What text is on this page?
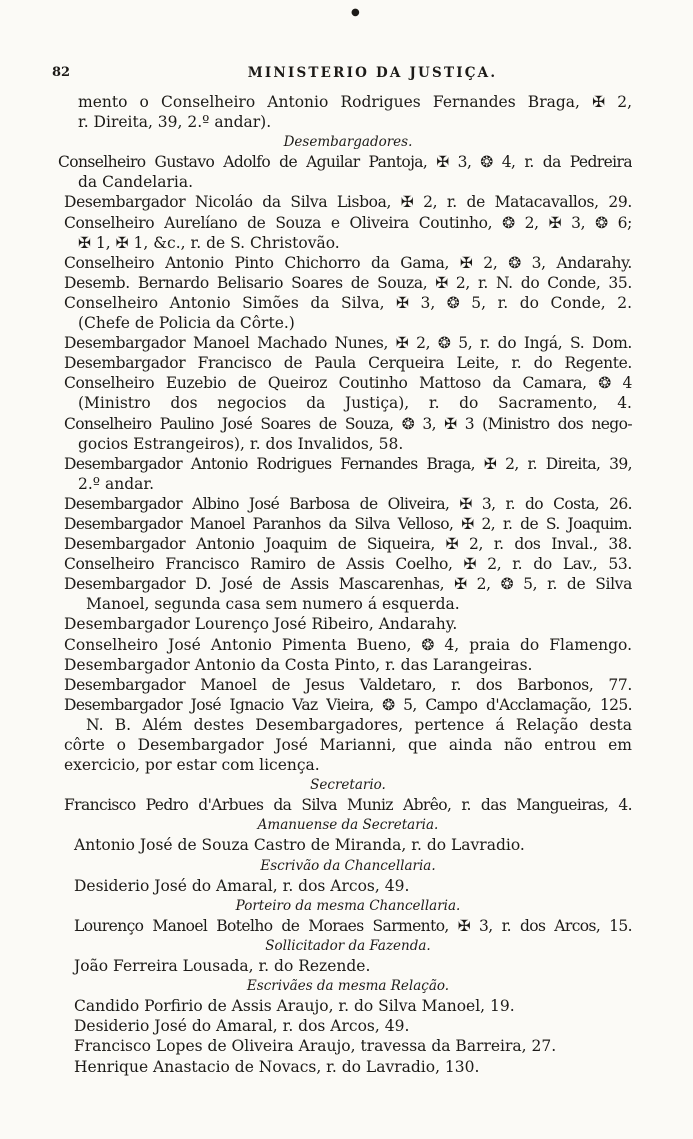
●
82	MINISTERIO DA JUSTIÇA.
mento o Conselheiro Antonio Rodrigues Fernandes Braga, ✠ 2,
r. Direita, 39, 2.º andar).
Desembargadores.
Conselheiro Gustavo Adolfo de Aguilar Pantoja, ✠ 3, ❂ 4, r. da Pedreira
da Candelaria.
Desembargador Nicoláo da Silva Lisboa, ✠ 2, r. de Matacavallos, 29.
Conselheiro Aurelíano de Souza e Oliveira Coutinho, ❂ 2, ✠ 3, ❂ 6;
✠ 1, ✠ 1, &c., r. de S. Christovão.
Conselheiro Antonio Pinto Chichorro da Gama, ✠ 2, ❂ 3, Andarahy.
Desemb. Bernardo Belisario Soares de Souza, ✠ 2, r. N. do Conde, 35.
Conselheiro Antonio Simões da Silva, ✠ 3, ❂ 5, r. do Conde, 2.
(Chefe de Policia da Côrte.)
Desembargador Manoel Machado Nunes, ✠ 2, ❂ 5, r. do Ingá, S. Dom.
Desembargador Francisco de Paula Cerqueira Leite, r. do Regente.
Conselheiro Euzebio de Queiroz Coutinho Mattoso da Camara, ❂ 4
(Ministro dos negocios da Justiça), r. do Sacramento, 4.
Conselheiro Paulino José Soares de Souza, ❂ 3, ✠ 3 (Ministro dos nego-
gocios Estrangeiros), r. dos Invalidos, 58.
Desembargador Antonio Rodrigues Fernandes Braga, ✠ 2, r. Direita, 39,
2.º andar.
Desembargador Albino José Barbosa de Oliveira, ✠ 3, r. do Costa, 26.
Desembargador Manoel Paranhos da Silva Velloso, ✠ 2, r. de S. Joaquim.
Desembargador Antonio Joaquim de Siqueira, ✠ 2, r. dos Inval., 38.
Conselheiro Francisco Ramiro de Assis Coelho, ✠ 2, r. do Lav., 53.
Desembargador D. José de Assis Mascarenhas, ✠ 2, ❂ 5, r. de Silva
Manoel, segunda casa sem numero á esquerda.
Desembargador Lourenço José Ribeiro, Andarahy.
Conselheiro José Antonio Pimenta Bueno, ❂ 4, praia do Flamengo.
Desembargador Antonio da Costa Pinto, r. das Larangeiras.
Desembargador Manoel de Jesus Valdetaro, r. dos Barbonos, 77.
Desembargador José Ignacio Vaz Vieira, ❂ 5, Campo d'Acclamação, 125.
N. B. Além destes Desembargadores, pertence á Relação desta
côrte o Desembargador José Marianni, que ainda não entrou em
exercicio, por estar com licença.
Secretario.
Francisco Pedro d'Arbues da Silva Muniz Abrêo, r. das Mangueiras, 4.
Amanuense da Secretaria.
Antonio José de Souza Castro de Miranda, r. do Lavradio.
Escrivão da Chancellaria.
Desiderio José do Amaral, r. dos Arcos, 49.
Porteiro da mesma Chancellaria.
Lourenço Manoel Botelho de Moraes Sarmento, ✠ 3, r. dos Arcos, 15.
Sollicitador da Fazenda.
João Ferreira Lousada, r. do Rezende.
Escrivães da mesma Relação.
Candido Porfirio de Assis Araujo, r. do Silva Manoel, 19.
Desiderio José do Amaral, r. dos Arcos, 49.
Francisco Lopes de Oliveira Araujo, travessa da Barreira, 27.
Henrique Anastacio de Novacs, r. do Lavradio, 130.
